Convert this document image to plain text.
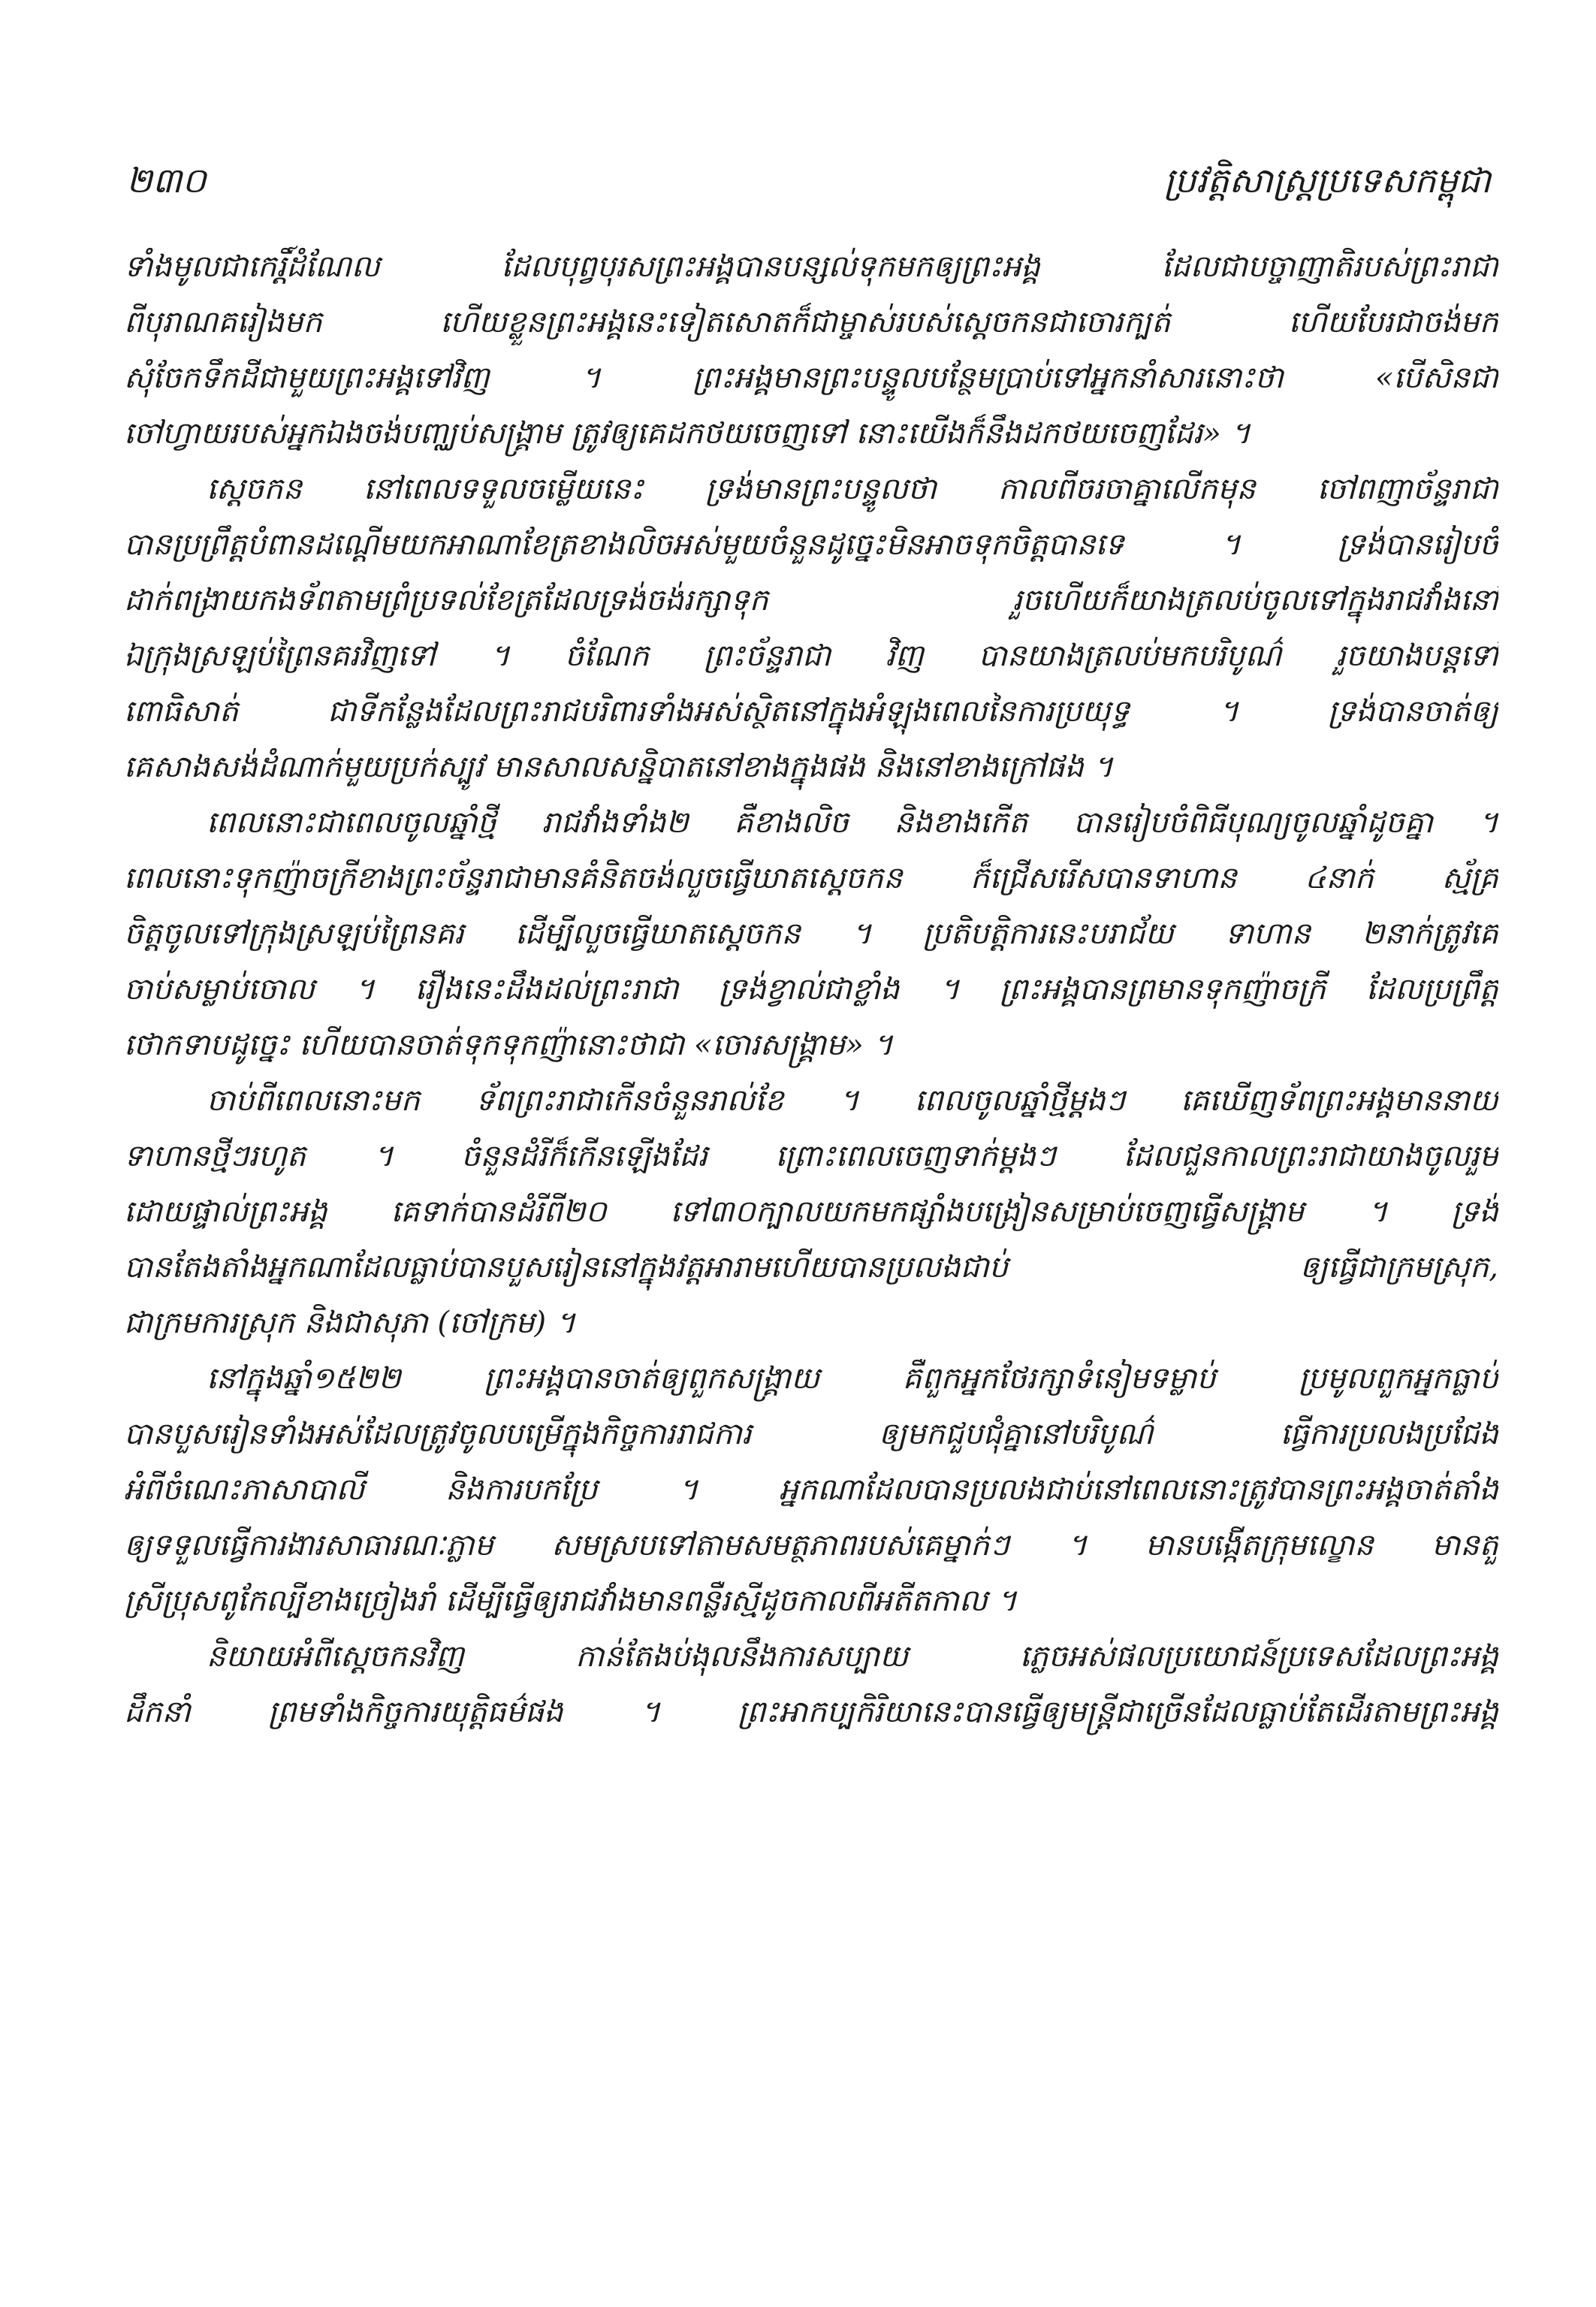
២៣០	ប្រវត្តិសាស្ត្រប្រទេសកម្ពុជា
ទាំងមូលជាកេរ្តិ៍ដំណែល ដែលបុព្វបុរសព្រះអង្គបានបន្សល់ទុកមកឲ្យព្រះអង្គ ដែលជាបច្ចាញាតិរបស់ព្រះរាជា
ពីបុរាណគរៀងមក ហើយខ្លួនព្រះអង្គនេះទៀតសោតក៏ជាម្ចាស់របស់ស្ដេចកនជាចោរក្បត់ ហើយបែរជាចង់មក
សុំចែកទឹកដីជាមួយព្រះអង្គទៅវិញ ។ ព្រះអង្គមានព្រះបន្ទូលបន្ថែមប្រាប់ទៅអ្នកនាំសារនោះថា «បើសិនជា
ចៅហ្វាយរបស់អ្នកឯងចង់បញ្ឈប់សង្គ្រាម ត្រូវឲ្យគេដកថយចេញទៅ នោះយើងក៏នឹងដកថយចេញដែរ» ។
ស្ដេចកន នៅពេលទទួលចម្លើយនេះ ទ្រង់មានព្រះបន្ទូលថា កាលពីចរចាគ្នាលើកមុន ចៅពញាច័ន្ទរាជា
បានប្រព្រឹត្តបំពានដណ្ដើមយកអាណាខែត្រខាងលិចអស់មួយចំនួនដូច្នេះមិនអាចទុកចិត្តបានទេ ។ ទ្រង់បានរៀបចំ
ដាក់ពង្រាយកងទ័ពតាមព្រំប្រទល់ខែត្រដែលទ្រង់ចង់រក្សាទុក រួចហើយក៏យាងត្រលប់ចូលទៅក្នុងរាជវាំងនៅ
ឯក្រុងស្រឡប់ព្រៃនគរវិញទៅ ។ ចំណែក ព្រះច័ន្ទរាជា វិញ បានយាងត្រលប់មកបរិបូណ៌ រួចយាងបន្តទៅ
ពោធិសាត់ ជាទីកន្លែងដែលព្រះរាជបរិពារទាំងអស់ស្ថិតនៅក្នុងអំឡុងពេលនៃការប្រយុទ្ធ ។ ទ្រង់បានចាត់ឲ្យ
គេសាងសង់ដំណាក់មួយប្រក់ស្បូវ មានសាលសន្និបាតនៅខាងក្នុងផង និងនៅខាងក្រៅផង ។
ពេលនោះជាពេលចូលឆ្នាំថ្មី រាជវាំងទាំង២ គឺខាងលិច និងខាងកើត បានរៀបចំពិធីបុណ្យចូលឆ្នាំដូចគ្នា ។
ពេលនោះទុកញ៉ាចក្រីខាងព្រះច័ន្ទរាជាមានគំនិតចង់លួចធ្វើឃាតស្ដេចកន ក៏ជ្រើសរើសបានទាហាន ៤នាក់ ស្ម័គ្រ
ចិត្តចូលទៅក្រុងស្រឡប់ព្រៃនគរ ដើម្បីលួចធ្វើឃាតស្ដេចកន ។ ប្រតិបត្តិការនេះបរាជ័យ ទាហាន ២នាក់ត្រូវគេ
ចាប់សម្លាប់ចោល ។ រឿងនេះដឹងដល់ព្រះរាជា ទ្រង់ខ្វាល់ជាខ្លាំង ។ ព្រះអង្គបានព្រមានទុកញ៉ាចក្រី ដែលប្រព្រឹត្ត
ថោកទាបដូច្នេះ ហើយបានចាត់ទុកទុកញ៉ានោះថាជា «ចោរសង្គ្រាម» ។
ចាប់ពីពេលនោះមក ទ័ពព្រះរាជាកើនចំនួនរាល់ខែ ។ ពេលចូលឆ្នាំថ្មីម្ដងៗ គេឃើញទ័ពព្រះអង្គមាននាយ
ទាហានថ្មីៗរហូត ។ ចំនួនដំរីក៏កើនឡើងដែរ ព្រោះពេលចេញទាក់ម្ដងៗ ដែលជួនកាលព្រះរាជាយាងចូលរួម
ដោយផ្ទាល់ព្រះអង្គ គេទាក់បានដំរីពី២០ ទៅ៣០ក្បាលយកមកផ្សាំងបង្រៀនសម្រាប់ចេញធ្វើសង្គ្រាម ។ ទ្រង់
បានតែងតាំងអ្នកណាដែលធ្លាប់បានបួសរៀននៅក្នុងវត្តអារាមហើយបានប្រលងជាប់ ឲ្យធ្វើជាក្រមស្រុក,
ជាក្រមការស្រុក និងជាសុភា (ចៅក្រម) ។
នៅក្នុងឆ្នាំ១៥២២ ព្រះអង្គបានចាត់ឲ្យពួកសង្គ្រាយ គឺពួកអ្នកថែរក្សាទំនៀមទម្លាប់ ប្រមូលពួកអ្នកធ្លាប់
បានបួសរៀនទាំងអស់ដែលត្រូវចូលបម្រើក្នុងកិច្ចការរាជការ ឲ្យមកជួបជុំគ្នានៅបរិបូណ៌ ធ្វើការប្រលងប្រជែង
អំពីចំណេះភាសាបាលី និងការបកប្រែ ។ អ្នកណាដែលបានប្រលងជាប់នៅពេលនោះត្រូវបានព្រះអង្គចាត់តាំង
ឲ្យទទួលធ្វើការងារសាធារណៈភ្លាម សមស្របទៅតាមសមត្ថភាពរបស់គេម្នាក់ៗ ។ មានបង្កើតក្រុមល្ខោន មានតួ
ស្រីប្រុសពូកែល្បីខាងច្រៀងរាំ ដើម្បីធ្វើឲ្យរាជវាំងមានពន្លឺរស្មីដូចកាលពីអតីតកាល ។
និយាយអំពីស្ដេចកនវិញ កាន់តែងប់ងុលនឹងការសប្បាយ ភ្លេចអស់ផលប្រយោជន៍ប្រទេសដែលព្រះអង្គ
ដឹកនាំ ព្រមទាំងកិច្ចការយុត្តិធម៌ផង ។ ព្រះអាកប្បកិរិយានេះបានធ្វើឲ្យមន្ត្រីជាច្រើនដែលធ្លាប់តែដើរតាមព្រះអង្គ
